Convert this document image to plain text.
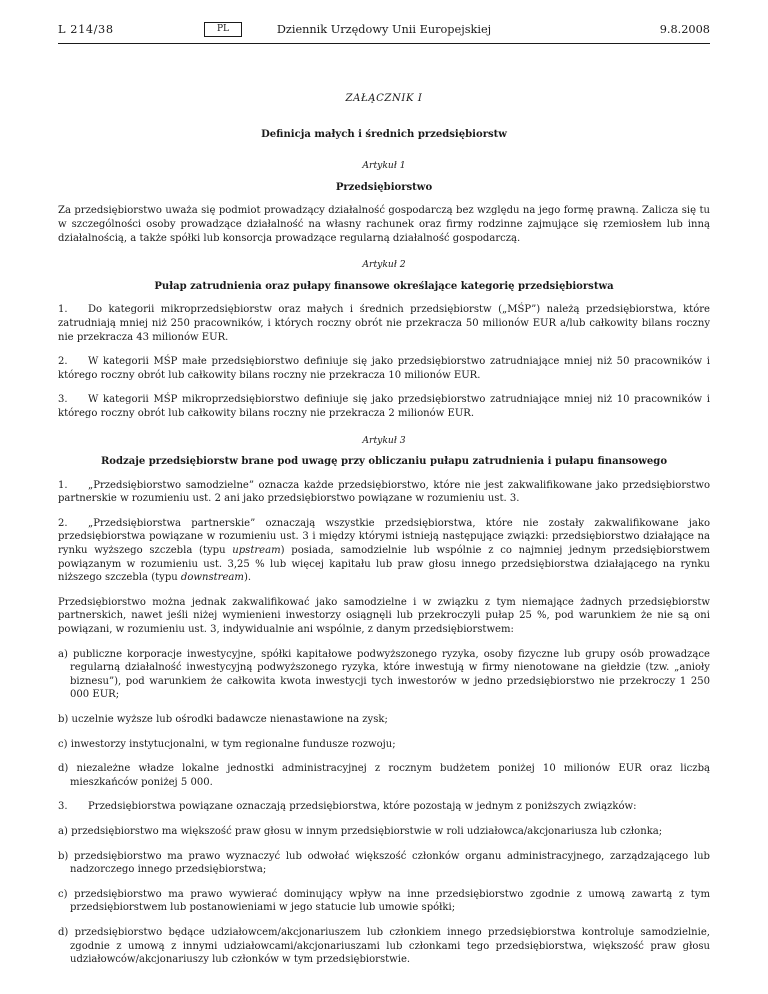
L 214/38	PL	Dziennik Urzędowy Unii Europejskiej	9.8.2008
ZAŁĄCZNIK I
Definicja małych i średnich przedsiębiorstw
Artykuł 1
Przedsiębiorstwo

Za przedsiębiorstwo uważa się podmiot prowadzący działalność gospodarczą bez względu na jego formę prawną. Zalicza się tu w szczególności osoby prowadzące działalność na własny rachunek oraz firmy rodzinne zajmujące się rzemiosłem lub inną działalnością, a także spółki lub konsorcja prowadzące regularną działalność gospodarczą.

Artykuł 2
Pułap zatrudnienia oraz pułapy finansowe określające kategorię przedsiębiorstwa

1. Do kategorii mikroprzedsiębiorstw oraz małych i średnich przedsiębiorstw („MŚP”) należą przedsiębiorstwa, które zatrudniają mniej niż 250 pracowników, i których roczny obrót nie przekracza 50 milionów EUR a/lub całkowity bilans roczny nie przekracza 43 milionów EUR.

2. W kategorii MŚP małe przedsiębiorstwo definiuje się jako przedsiębiorstwo zatrudniające mniej niż 50 pracowników i którego roczny obrót lub całkowity bilans roczny nie przekracza 10 milionów EUR.

3. W kategorii MŚP mikroprzedsiębiorstwo definiuje się jako przedsiębiorstwo zatrudniające mniej niż 10 pracowników i którego roczny obrót lub całkowity bilans roczny nie przekracza 2 milionów EUR.

Artykuł 3
Rodzaje przedsiębiorstw brane pod uwagę przy obliczaniu pułapu zatrudnienia i pułapu finansowego

1. „Przedsiębiorstwo samodzielne” oznacza każde przedsiębiorstwo, które nie jest zakwalifikowane jako przedsiębiorstwo partnerskie w rozumieniu ust. 2 ani jako przedsiębiorstwo powiązane w rozumieniu ust. 3.

2. „Przedsiębiorstwa partnerskie” oznaczają wszystkie przedsiębiorstwa, które nie zostały zakwalifikowane jako przedsiębiorstwa powiązane w rozumieniu ust. 3 i między którymi istnieją następujące związki: przedsiębiorstwo działające na rynku wyższego szczebla (typu upstream) posiada, samodzielnie lub wspólnie z co najmniej jednym przedsiębiorstwem powiązanym w rozumieniu ust. 3,25 % lub więcej kapitału lub praw głosu innego przedsiębiorstwa działającego na rynku niższego szczebla (typu downstream).

Przedsiębiorstwo można jednak zakwalifikować jako samodzielne i w związku z tym niemające żadnych przedsiębiorstw partnerskich, nawet jeśli niżej wymienieni inwestorzy osiągnęli lub przekroczyli pułap 25 %, pod warunkiem że nie są oni powiązani, w rozumieniu ust. 3, indywidualnie ani wspólnie, z danym przedsiębiorstwem:

a) publiczne korporacje inwestycyjne, spółki kapitałowe podwyższonego ryzyka, osoby fizyczne lub grupy osób prowadzące regularną działalność inwestycyjną podwyższonego ryzyka, które inwestują w firmy nienotowane na giełdzie (tzw. „anioły biznesu”), pod warunkiem że całkowita kwota inwestycji tych inwestorów w jedno przedsiębiorstwo nie przekroczy 1 250 000 EUR;
b) uczelnie wyższe lub ośrodki badawcze nienastawione na zysk;
c) inwestorzy instytucjonalni, w tym regionalne fundusze rozwoju;
d) niezależne władze lokalne jednostki administracyjnej z rocznym budżetem poniżej 10 milionów EUR oraz liczbą mieszkańców poniżej 5 000.

3. Przedsiębiorstwa powiązane oznaczają przedsiębiorstwa, które pozostają w jednym z poniższych związków:

a) przedsiębiorstwo ma większość praw głosu w innym przedsiębiorstwie w roli udziałowca/akcjonariusza lub członka;
b) przedsiębiorstwo ma prawo wyznaczyć lub odwołać większość członków organu administracyjnego, zarządzającego lub nadzorczego innego przedsiębiorstwa;
c) przedsiębiorstwo ma prawo wywierać dominujący wpływ na inne przedsiębiorstwo zgodnie z umową zawartą z tym przedsiębiorstwem lub postanowieniami w jego statucie lub umowie spółki;
d) przedsiębiorstwo będące udziałowcem/akcjonariuszem lub członkiem innego przedsiębiorstwa kontroluje samodzielnie, zgodnie z umową z innymi udziałowcami/akcjonariuszami lub członkami tego przedsiębiorstwa, większość praw głosu udziałowców/akcjonariuszy lub członków w tym przedsiębiorstwie.
